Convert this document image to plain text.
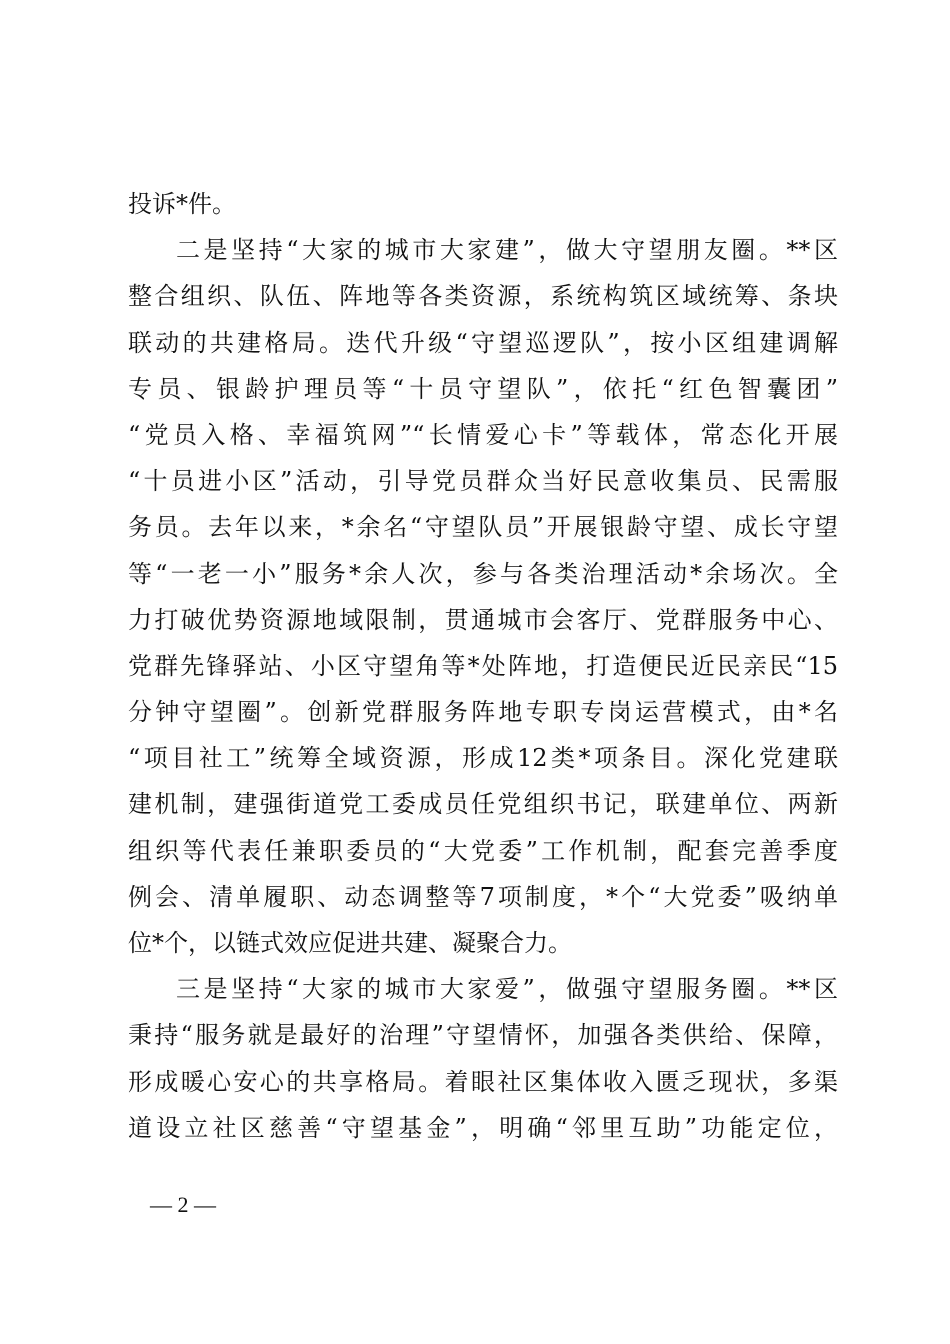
投诉*件。
二是坚持“大家的城市大家建”，做大守望朋友圈。**区
整合组织、队伍、阵地等各类资源，系统构筑区域统筹、条块
联动的共建格局。迭代升级“守望巡逻队”，按小区组建调解
专员、银龄护理员等“十员守望队”，依托“红色智囊团”
“党员入格、幸福筑网”“长情爱心卡”等载体，常态化开展
“十员进小区”活动，引导党员群众当好民意收集员、民需服
务员。去年以来，*余名“守望队员”开展银龄守望、成长守望
等“一老一小”服务*余人次，参与各类治理活动*余场次。全
力打破优势资源地域限制，贯通城市会客厅、党群服务中心、
党群先锋驿站、小区守望角等*处阵地，打造便民近民亲民“15
分钟守望圈”。创新党群服务阵地专职专岗运营模式，由*名
“项目社工”统筹全域资源，形成12类*项条目。深化党建联
建机制，建强街道党工委成员任党组织书记，联建单位、两新
组织等代表任兼职委员的“大党委”工作机制，配套完善季度
例会、清单履职、动态调整等7项制度，*个“大党委”吸纳单
位*个，以链式效应促进共建、凝聚合力。
三是坚持“大家的城市大家爱”，做强守望服务圈。**区
秉持“服务就是最好的治理”守望情怀，加强各类供给、保障，
形成暖心安心的共享格局。着眼社区集体收入匮乏现状，多渠
道设立社区慈善“守望基金”，明确“邻里互助”功能定位，
— 2 —
